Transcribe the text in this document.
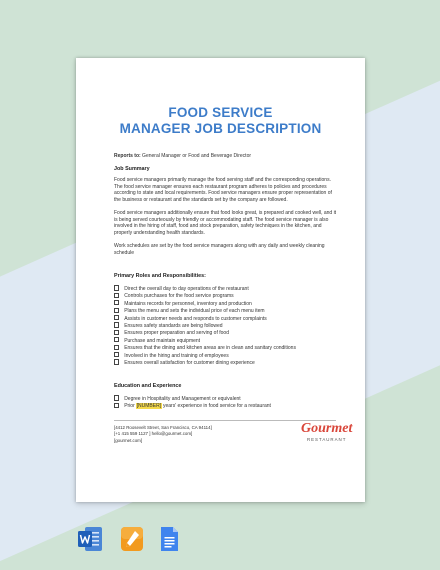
FOOD SERVICE
MANAGER JOB DESCRIPTION
Reports to: General Manager or Food and Beverage Director
Job Summary
Food service managers primarily manage the food serving staff and the corresponding operations. The food service manager ensures each restaurant program adheres to policies and procedures according to state and local requirements. Food service managers ensure proper representation of the business or restaurant and the standards set by the company are followed.
Food service managers additionally ensure that food looks great, is prepared and cooked well, and it is being served courteously by friendly or accommodating staff. The food service manager is also involved in the hiring of staff, food and stock preparation, safety techniques in the kitchen, and properly understanding health standards.
Work schedules are set by the food service managers along with any daily and weekly cleaning schedule
Primary Roles and Responsibilities:
Direct the overall day to day operations of the restaurant
Controls purchases for the food service programs
Maintains records for personnel, inventory and production
Plans the menu and sets the individual price of each menu item
Assists in customer needs and responds to customer complaints
Ensures safety standards are being followed
Ensures proper preparation and serving of food
Purchase and maintain equipment
Ensures that the dining and kitchen areas are in clean and sanitary conditions
Involved in the hiring and training of employees
Ensures overall satisfaction for customer dining experience
Education and Experience
Degree in Hospitality and Management or equivalent
Prior [NUMBER] years' experience in food service for a restaurant
[4412 Roosevelt Street, San Francisco, CA 94114]
[+1 415 559 1127 ] hello@gourmet.com]
[gourmet.com]
Gourmet
RESTAURANT
